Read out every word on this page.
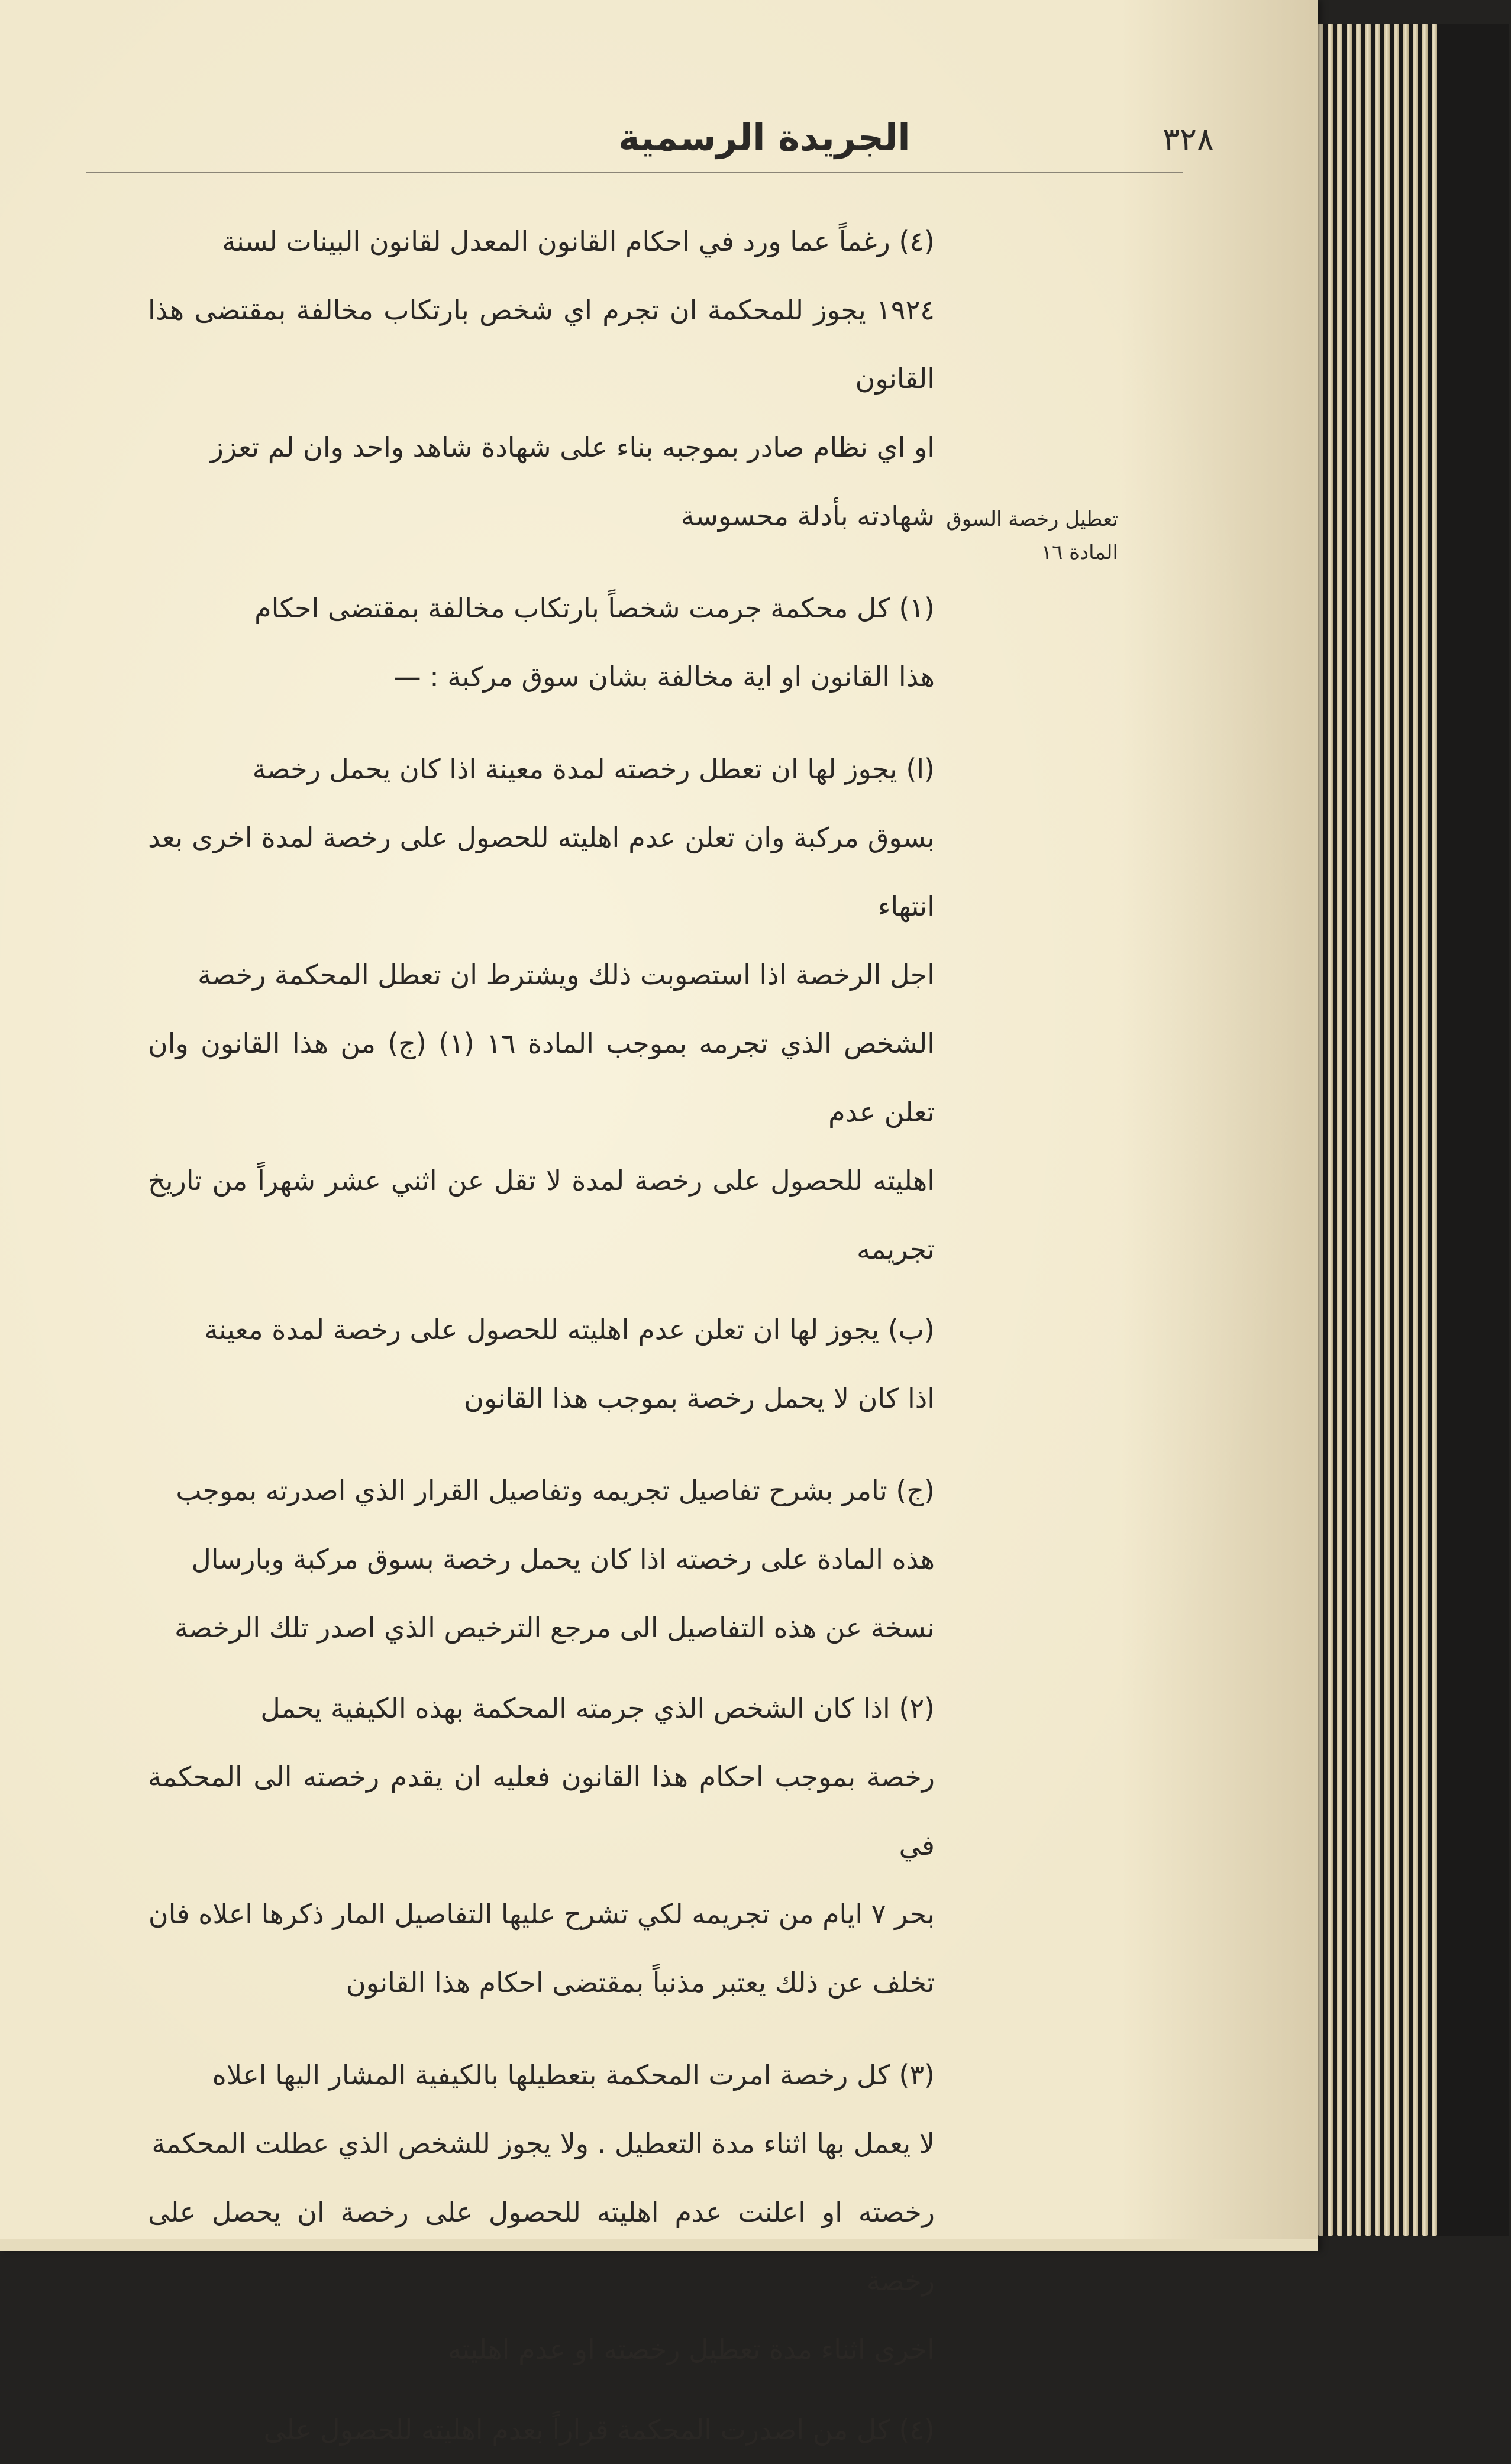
الجريدة الرسمية	٣٢٨
تعطيل رخصة السوق المادة ١٦

(٤) رغماً عما ورد في احكام القانون المعدل لقانون البينات لسنة

١٩٢٤ يجوز للمحكمة ان تجرم اي شخص بارتكاب مخالفة بمقتضى هذا القانون

او اي نظام صادر بموجبه بناء على شهادة شاهد واحد وان لم تعزز

شهادته بأدلة محسوسة

(١) كل محكمة جرمت شخصاً بارتكاب مخالفة بمقتضى احكام

هذا القانون او اية مخالفة بشان سوق مركبة : —

(ا) يجوز لها ان تعطل رخصته لمدة معينة اذا كان يحمل رخصة

بسوق مركبة وان تعلن عدم اهليته للحصول على رخصة لمدة اخرى بعد انتهاء

اجل الرخصة اذا استصوبت ذلك ويشترط ان تعطل المحكمة رخصة

الشخص الذي تجرمه بموجب المادة ١٦ (١) (ج) من هذا القانون وان تعلن عدم

اهليته للحصول على رخصة لمدة لا تقل عن اثني عشر شهراً من تاريخ تجريمه

(ب) يجوز لها ان تعلن عدم اهليته للحصول على رخصة لمدة معينة

اذا كان لا يحمل رخصة بموجب هذا القانون

(ج) تامر بشرح تفاصيل تجريمه وتفاصيل القرار الذي اصدرته بموجب

هذه المادة على رخصته اذا كان يحمل رخصة بسوق مركبة وبارسال

نسخة عن هذه التفاصيل الى مرجع الترخيص الذي اصدر تلك الرخصة

(٢) اذا كان الشخص الذي جرمته المحكمة بهذه الكيفية يحمل

رخصة بموجب احكام هذا القانون فعليه ان يقدم رخصته الى المحكمة في

بحر ٧ ايام من تجريمه لكي تشرح عليها التفاصيل المار ذكرها اعلاه فان

تخلف عن ذلك يعتبر مذنباً بمقتضى احكام هذا القانون

(٣) كل رخصة امرت المحكمة بتعطيلها بالكيفية المشار اليها اعلاه

لا يعمل بها اثناء مدة التعطيل . ولا يجوز للشخص الذي عطلت المحكمة

رخصته او اعلنت عدم اهليته للحصول على رخصة ان يحصل على رخصة

اخرى اثناء مدة تعطيل رخصته او عدم اهليته

(٤) كل من اصدرت المحكمة قراراً بعدم اهليته للحصول على
